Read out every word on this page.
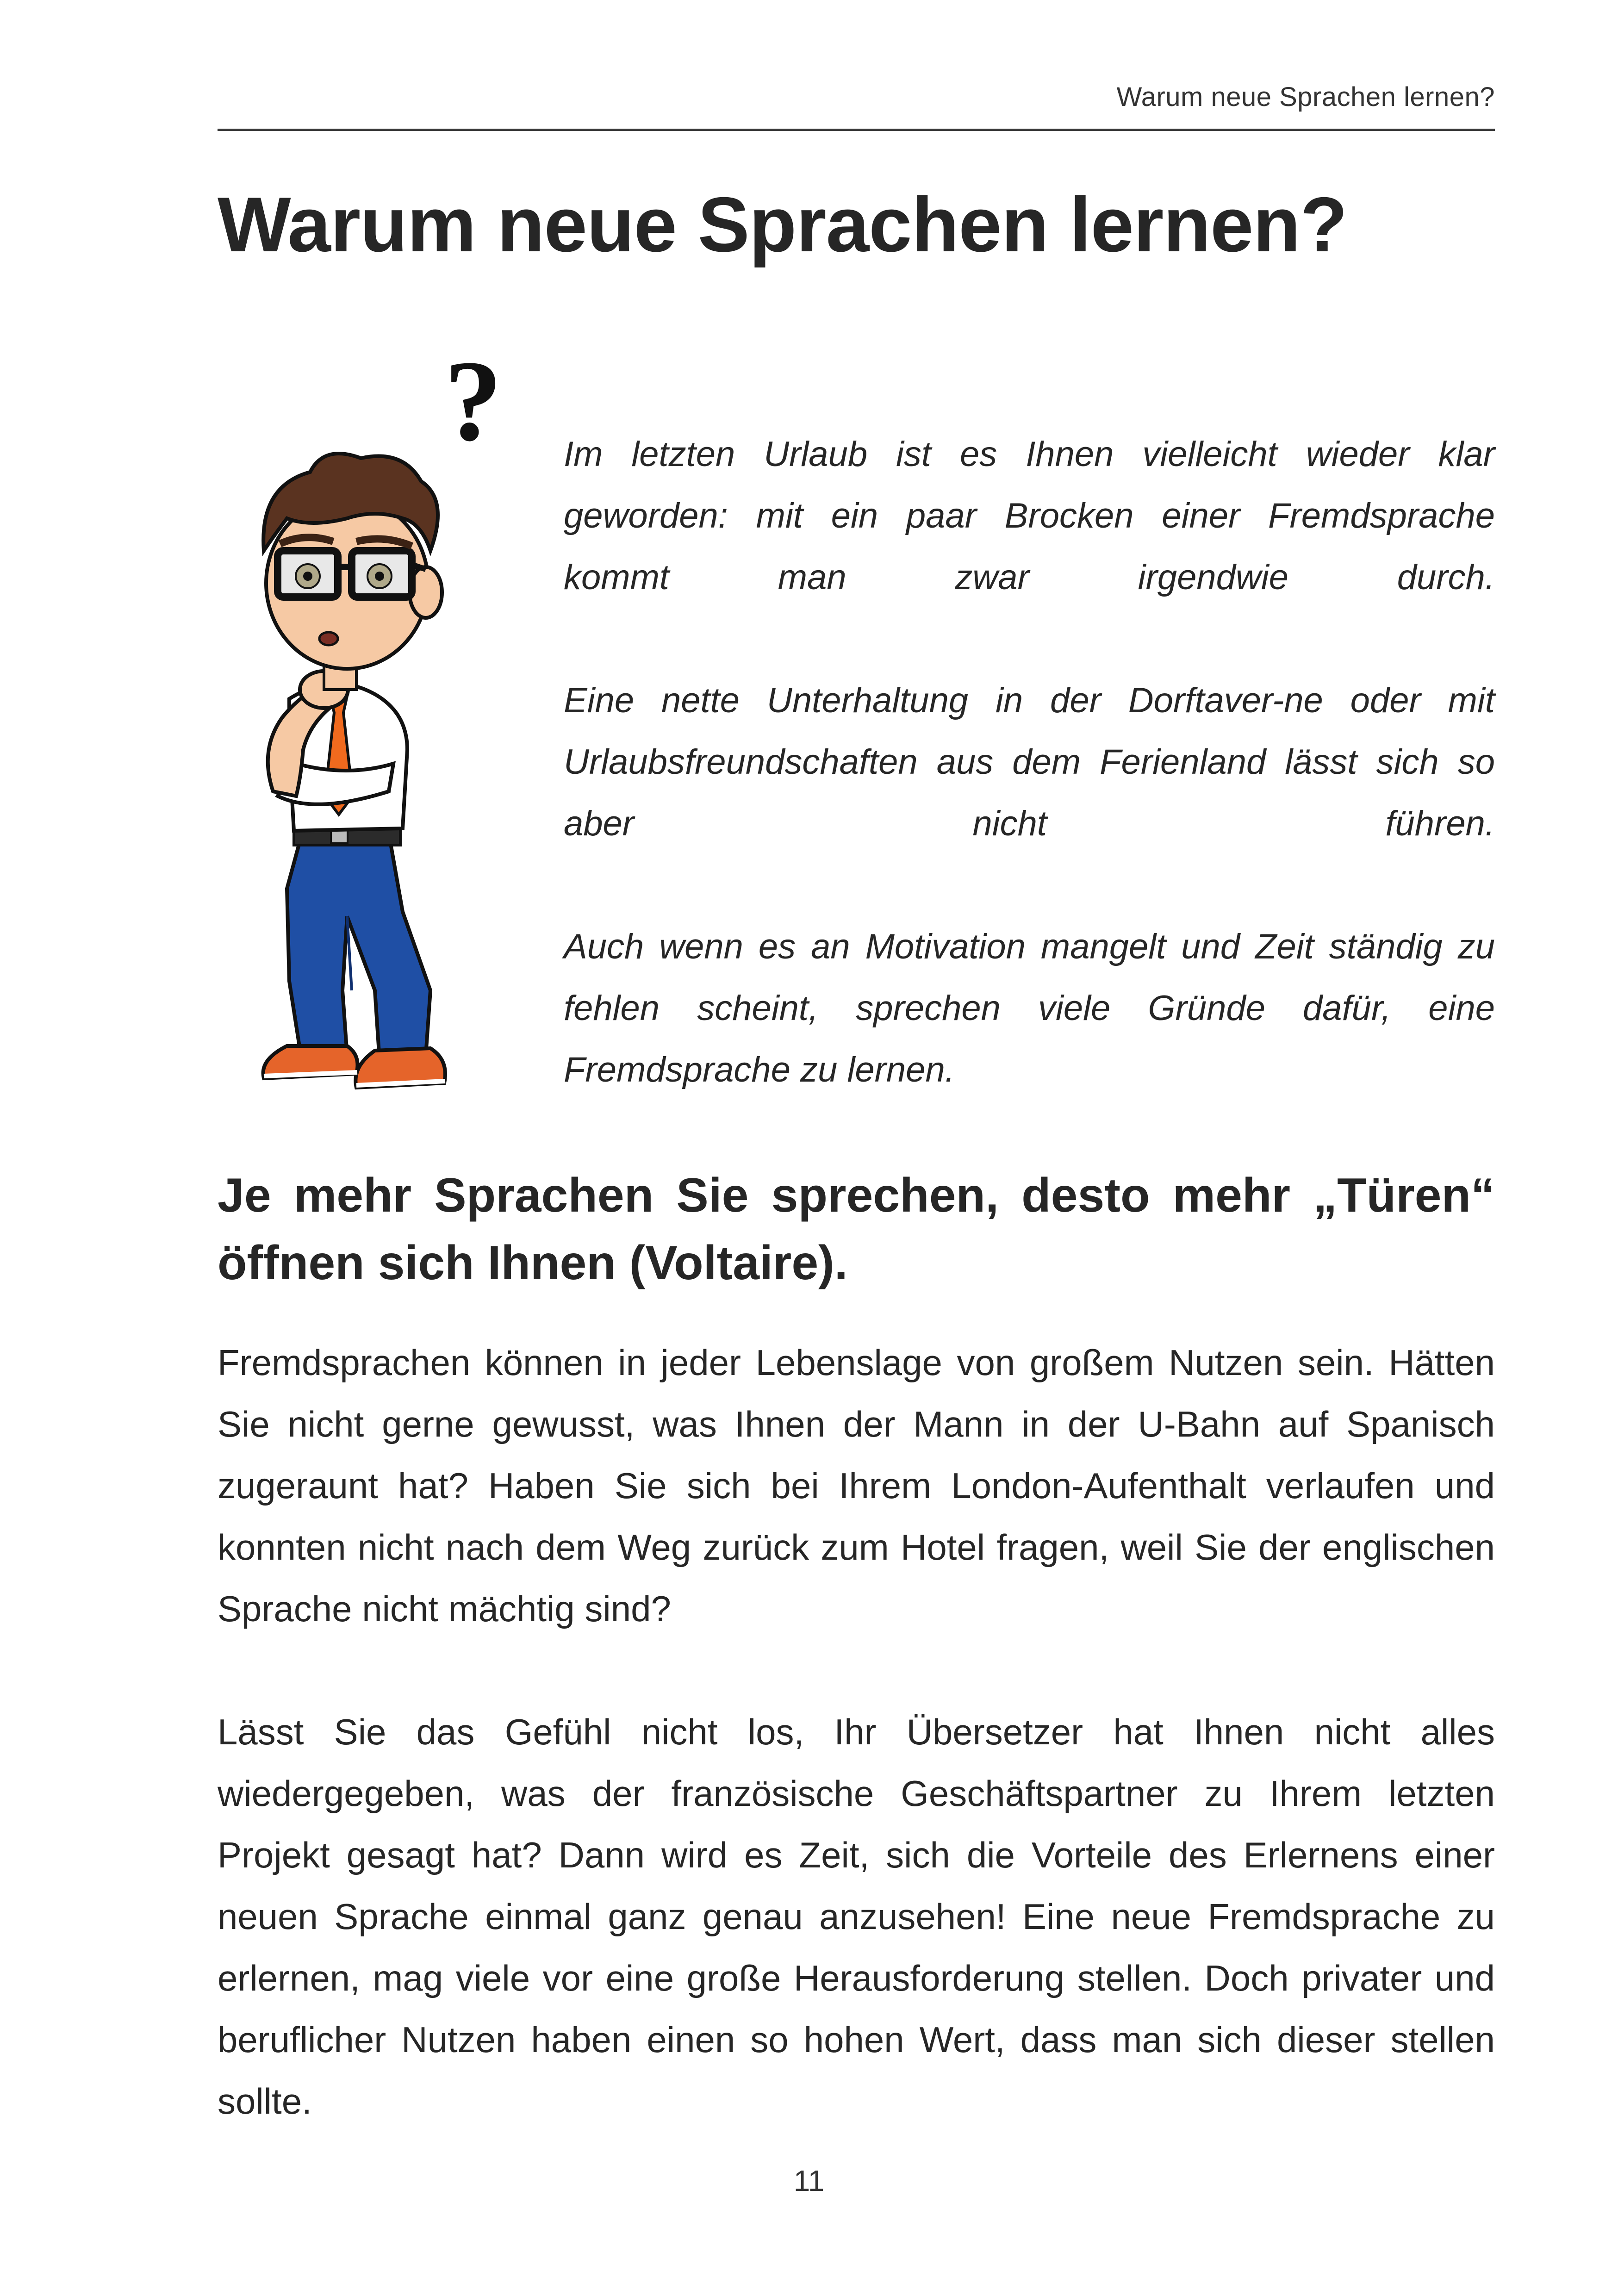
Warum neue Sprachen lernen?
Warum neue Sprachen lernen?
? Im letzten Urlaub ist es Ihnen vielleicht wieder klar geworden: mit ein paar Brocken einer Fremdsprache kommt man zwar irgendwie durch.

Eine nette Unterhaltung in der Dorftaver-ne oder mit Urlaubsfreundschaften aus dem Ferienland lässt sich so aber nicht führen.

Auch wenn es an Motivation mangelt und Zeit ständig zu fehlen scheint, sprechen viele Gründe dafür, eine Fremdsprache zu lernen.

Je mehr Sprachen Sie sprechen, desto mehr „Türen“ öffnen sich Ihnen (Voltaire).

Fremdsprachen können in jeder Lebenslage von großem Nutzen sein. Hätten Sie nicht gerne gewusst, was Ihnen der Mann in der U-Bahn auf Spanisch zugeraunt hat? Haben Sie sich bei Ihrem London-Aufenthalt verlaufen und konnten nicht nach dem Weg zurück zum Hotel fragen, weil Sie der englischen Sprache nicht mächtig sind?

Lässt Sie das Gefühl nicht los, Ihr Übersetzer hat Ihnen nicht alles wiedergegeben, was der französische Geschäftspartner zu Ihrem letzten Projekt gesagt hat? Dann wird es Zeit, sich die Vorteile des Erlernens einer neuen Sprache einmal ganz genau anzusehen! Eine neue Fremdsprache zu erlernen, mag viele vor eine große Herausforderung stellen. Doch privater und beruflicher Nutzen haben einen so hohen Wert, dass man sich dieser stellen sollte.

11
